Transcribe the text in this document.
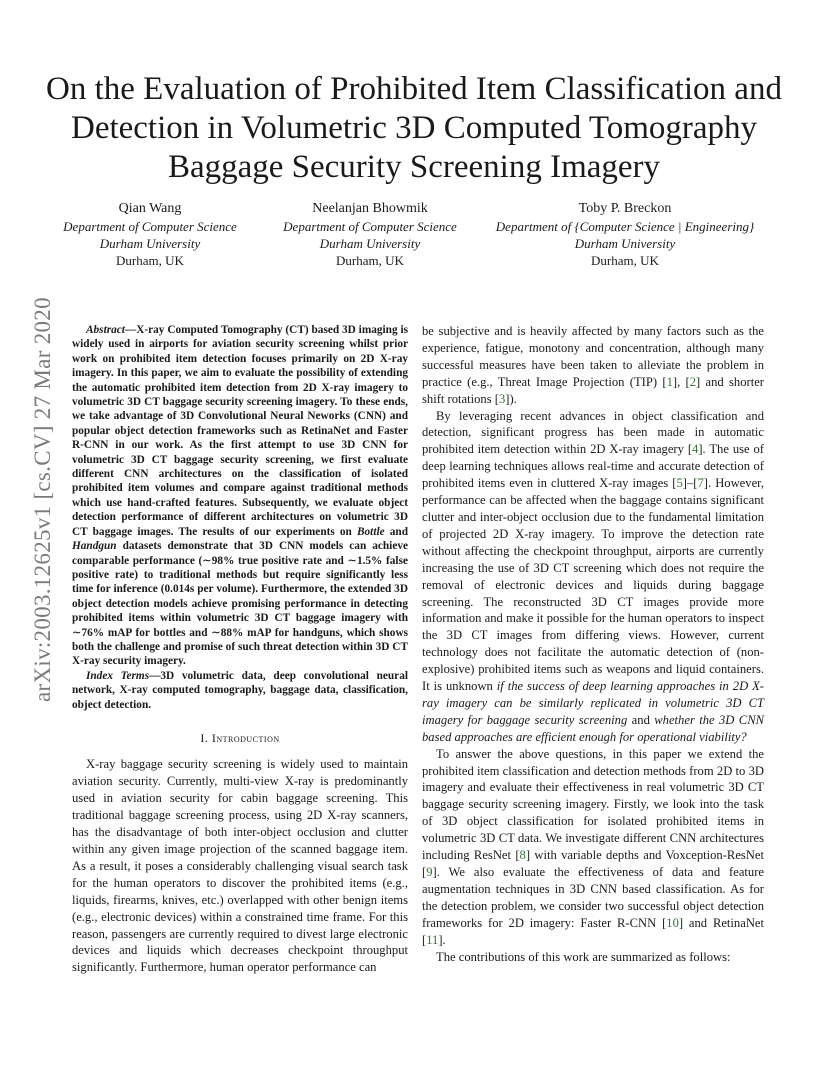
arXiv:2003.12625v1 [cs.CV] 27 Mar 2020
On the Evaluation of Prohibited Item Classification and Detection in Volumetric 3D Computed Tomography Baggage Security Screening Imagery
Qian Wang
Department of Computer Science
Durham University
Durham, UK
Neelanjan Bhowmik
Department of Computer Science
Durham University
Durham, UK
Toby P. Breckon
Department of {Computer Science | Engineering}
Durham University
Durham, UK

Abstract—X-ray Computed Tomography (CT) based 3D imaging is widely used in airports for aviation security screening whilst prior work on prohibited item detection focuses primarily on 2D X-ray imagery. In this paper, we aim to evaluate the possibility of extending the automatic prohibited item detection from 2D X-ray imagery to volumetric 3D CT baggage security screening imagery. To these ends, we take advantage of 3D Convolutional Neural Neworks (CNN) and popular object detection frameworks such as RetinaNet and Faster R-CNN in our work. As the first attempt to use 3D CNN for volumetric 3D CT baggage security screening, we first evaluate different CNN architectures on the classification of isolated prohibited item volumes and compare against traditional methods which use hand-crafted features. Subsequently, we evaluate object detection performance of different architectures on volumetric 3D CT baggage images. The results of our experiments on Bottle and Handgun datasets demonstrate that 3D CNN models can achieve comparable performance (∼98% true positive rate and ∼1.5% false positive rate) to traditional methods but require significantly less time for inference (0.014s per volume). Furthermore, the extended 3D object detection models achieve promising performance in detecting prohibited items within volumetric 3D CT baggage imagery with ∼76% mAP for bottles and ∼88% mAP for handguns, which shows both the challenge and promise of such threat detection within 3D CT X-ray security imagery.

Index Terms—3D volumetric data, deep convolutional neural network, X-ray computed tomography, baggage data, classification, object detection.

I. Introduction

X-ray baggage security screening is widely used to maintain aviation security. Currently, multi-view X-ray is predominantly used in aviation security for cabin baggage screening. This traditional baggage screening process, using 2D X-ray scanners, has the disadvantage of both inter-object occlusion and clutter within any given image projection of the scanned baggage item. As a result, it poses a considerably challenging visual search task for the human operators to discover the prohibited items (e.g., liquids, firearms, knives, etc.) overlapped with other benign items (e.g., electronic devices) within a constrained time frame. For this reason, passengers are currently required to divest large electronic devices and liquids which decreases checkpoint throughput significantly. Furthermore, human operator performance can

be subjective and is heavily affected by many factors such as the experience, fatigue, monotony and concentration, although many successful measures have been taken to alleviate the problem in practice (e.g., Threat Image Projection (TIP) [1], [2] and shorter shift rotations [3]).

By leveraging recent advances in object classification and detection, significant progress has been made in automatic prohibited item detection within 2D X-ray imagery [4]. The use of deep learning techniques allows real-time and accurate detection of prohibited items even in cluttered X-ray images [5]–[7]. However, performance can be affected when the baggage contains significant clutter and inter-object occlusion due to the fundamental limitation of projected 2D X-ray imagery. To improve the detection rate without affecting the checkpoint throughput, airports are currently increasing the use of 3D CT screening which does not require the removal of electronic devices and liquids during baggage screening. The reconstructed 3D CT images provide more information and make it possible for the human operators to inspect the 3D CT images from differing views. However, current technology does not facilitate the automatic detection of (non-explosive) prohibited items such as weapons and liquid containers. It is unknown if the success of deep learning approaches in 2D X-ray imagery can be similarly replicated in volumetric 3D CT imagery for baggage security screening and whether the 3D CNN based approaches are efficient enough for operational viability?

To answer the above questions, in this paper we extend the prohibited item classification and detection methods from 2D to 3D imagery and evaluate their effectiveness in real volumetric 3D CT baggage security screening imagery. Firstly, we look into the task of 3D object classification for isolated prohibited items in volumetric 3D CT data. We investigate different CNN architectures including ResNet [8] with variable depths and Voxception-ResNet [9]. We also evaluate the effectiveness of data and feature augmentation techniques in 3D CNN based classification. As for the detection problem, we consider two successful object detection frameworks for 2D imagery: Faster R-CNN [10] and RetinaNet [11].

The contributions of this work are summarized as follows:
